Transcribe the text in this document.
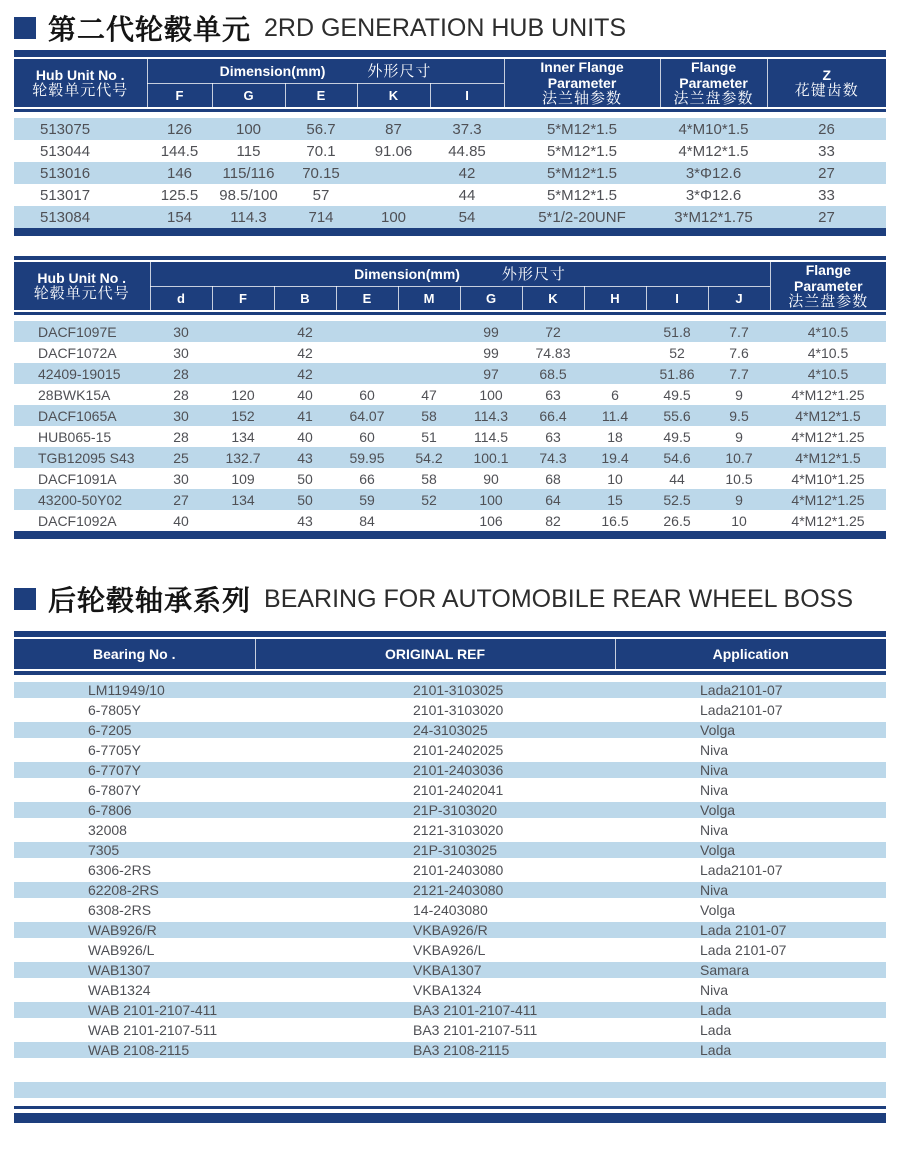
第二代轮毂单元 2RD GENERATION HUB UNITS
Hub Unit No .
轮毂单元代号
	Dimension(mm)	外形尺寸	Inner Flange Parameter
法兰轴参数

Flange  Parameter
法兰盘参数

Z
花键齿数

	F	G	E	K	I			
513075	126	100	56.7	87	37.3	5*M12*1.5	4*M10*1.5	26
513044	144.5	115	70.1	91.06	44.85	5*M12*1.5	4*M12*1.5	33
513016	146	115/116	70.15		42	5*M12*1.5	3*Φ12.6	27
513017	125.5	98.5/100	57		44	5*M12*1.5	3*Φ12.6	33
513084	154	114.3	714	100	54	5*1/2-20UNF	3*M12*1.75	27
Hub Unit No .
轮毂单元代号
	Dimension(mm)	外形尺寸	Flange Parameter
法兰盘参数

	d	F	B	E	M	G	K	H	I	J	
DACF1097E	30		42			99	72		51.8	7.7	4*10.5
DACF1072A	30		42			99	74.83		52	7.6	4*10.5
42409-19015	28		42			97	68.5		51.86	7.7	4*10.5
28BWK15A	28	120	40	60	47	100	63	6	49.5	9	4*M12*1.25
DACF1065A	30	152	41	64.07	58	114.3	66.4	11.4	55.6	9.5	4*M12*1.5
HUB065-15	28	134	40	60	51	114.5	63	18	49.5	9	4*M12*1.25
TGB12095 S43	25	132.7	43	59.95	54.2	100.1	74.3	19.4	54.6	10.7	4*M12*1.5
DACF1091A	30	109	50	66	58	90	68	10	44	10.5	4*M10*1.25
43200-50Y02	27	134	50	59	52	100	64	15	52.5	9	4*M12*1.25
DACF1092A	40		43	84		106	82	16.5	26.5	10	4*M12*1.25
后轮毂轴承系列 BEARING FOR AUTOMOBILE REAR WHEEL BOSS
Bearing No .	ORIGINAL REF	Application
LM11949/10	2101-3103025	Lada2101-07
6-7805Y	2101-3103020	Lada2101-07
6-7205	24-3103025	Volga
6-7705Y	2101-2402025	Niva
6-7707Y	2101-2403036	Niva
6-7807Y	2101-2402041	Niva
6-7806	21P-3103020	Volga
32008	2121-3103020	Niva
7305	21P-3103025	Volga
6306-2RS	2101-2403080	Lada2101-07
62208-2RS	2121-2403080	Niva
6308-2RS	14-2403080	Volga
WAB926/R	VKBA926/R	Lada 2101-07
WAB926/L	VKBA926/L	Lada 2101-07
WAB1307	VKBA1307	Samara
WAB1324	VKBA1324	Niva
WAB 2101-2107-411	BA3 2101-2107-411	Lada
WAB 2101-2107-511	BA3 2101-2107-511	Lada
WAB 2108-2115	BA3 2108-2115	Lada
